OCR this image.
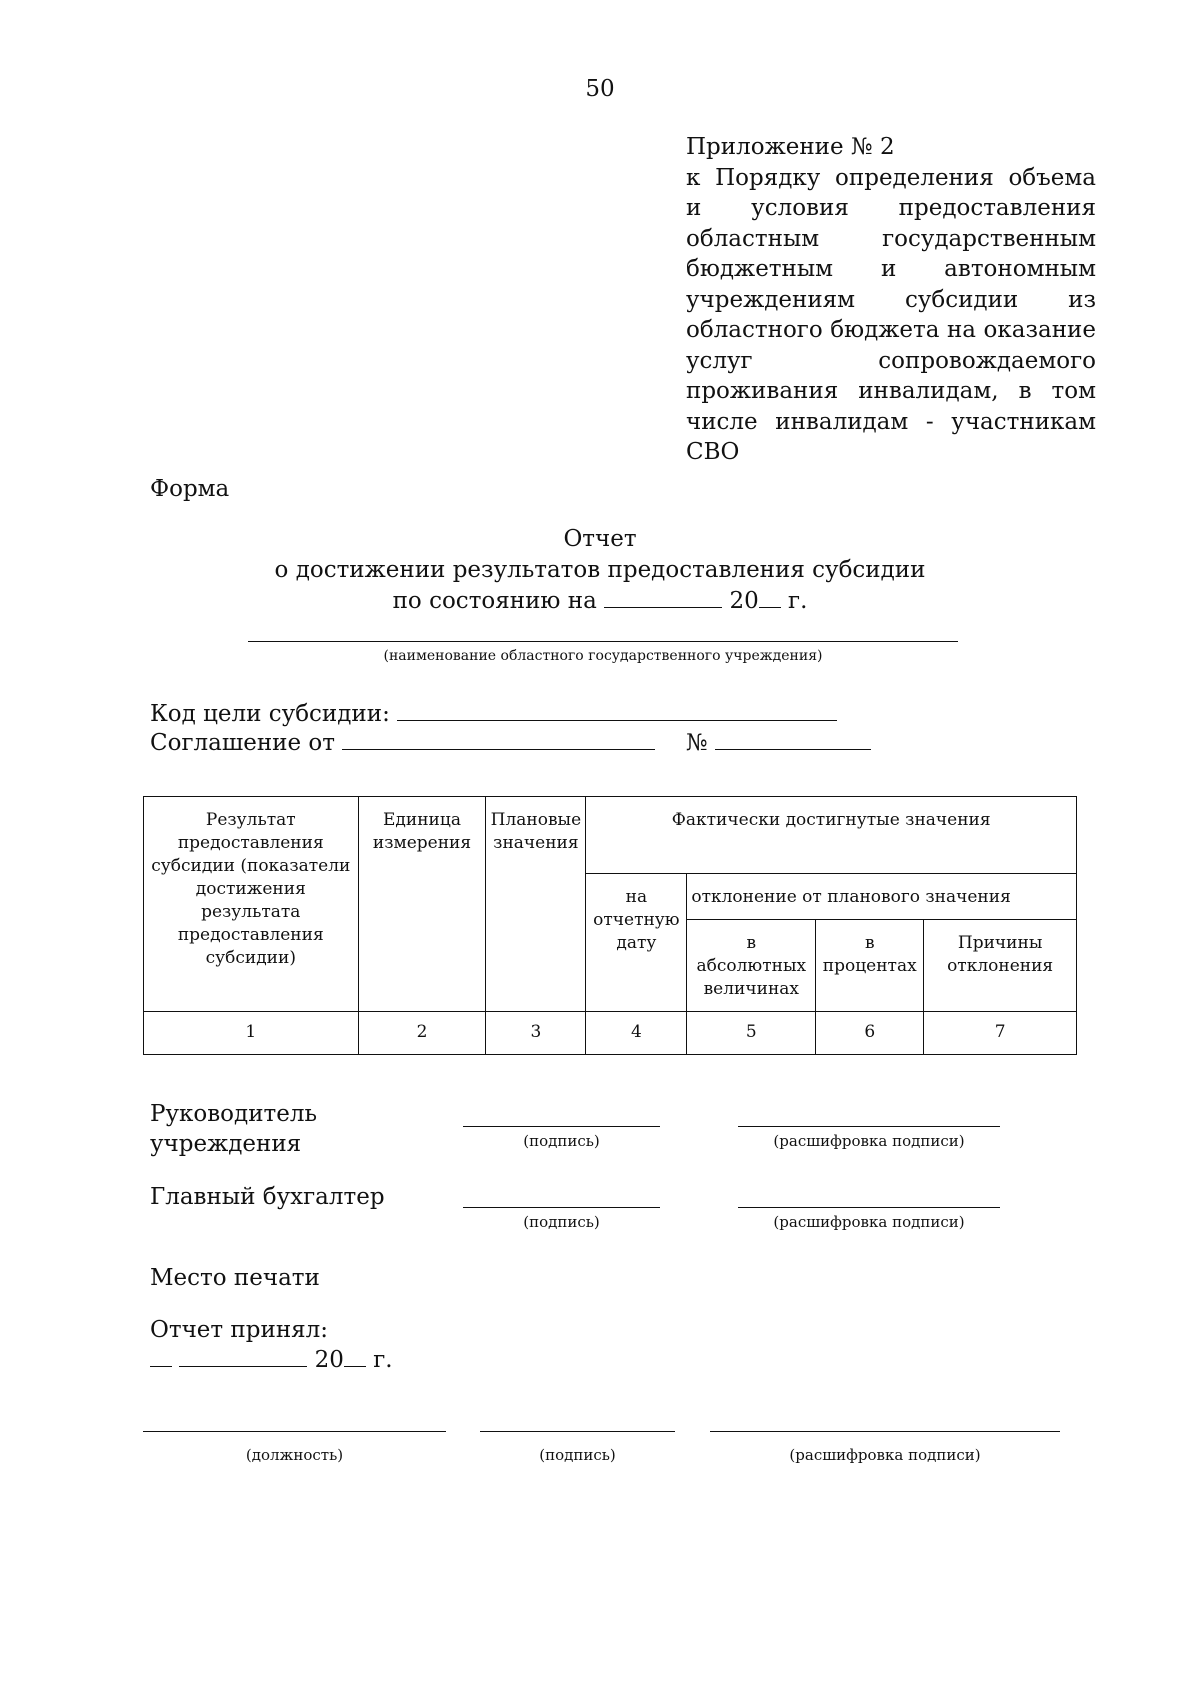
50
Приложение № 2
к Порядку определения объема и условия предоставления областным государственным бюджетным и автономным учреждениям субсидии из областного бюджета на оказание услуг сопровождаемого проживания инвалидам, в том числе инвалидам - участникам СВО
Форма
Отчет
о достижении результатов предоставления субсидии
по состоянию на	20 г.
(наименование областного государственного учреждения)
Код цели субсидии:
Соглашение от	№
Результат предоставления субсидии (показатели достижения результата предоставления субсидии)	Единица измерения	Плановые значения	Фактически достигнутые значения			
			на отчетную дату	отклонение от планового значения		
				в абсолютных величинах	в процентах	Причины отклонения
1	2	3	4	5	6	7
Руководитель учреждения	(подпись)	(расшифровка подписи)
Главный бухгалтер
(подпись)	(расшифровка подписи)
Место печати
Отчет принял:
20 г.
(должность)	(подпись)	(расшифровка подписи)
